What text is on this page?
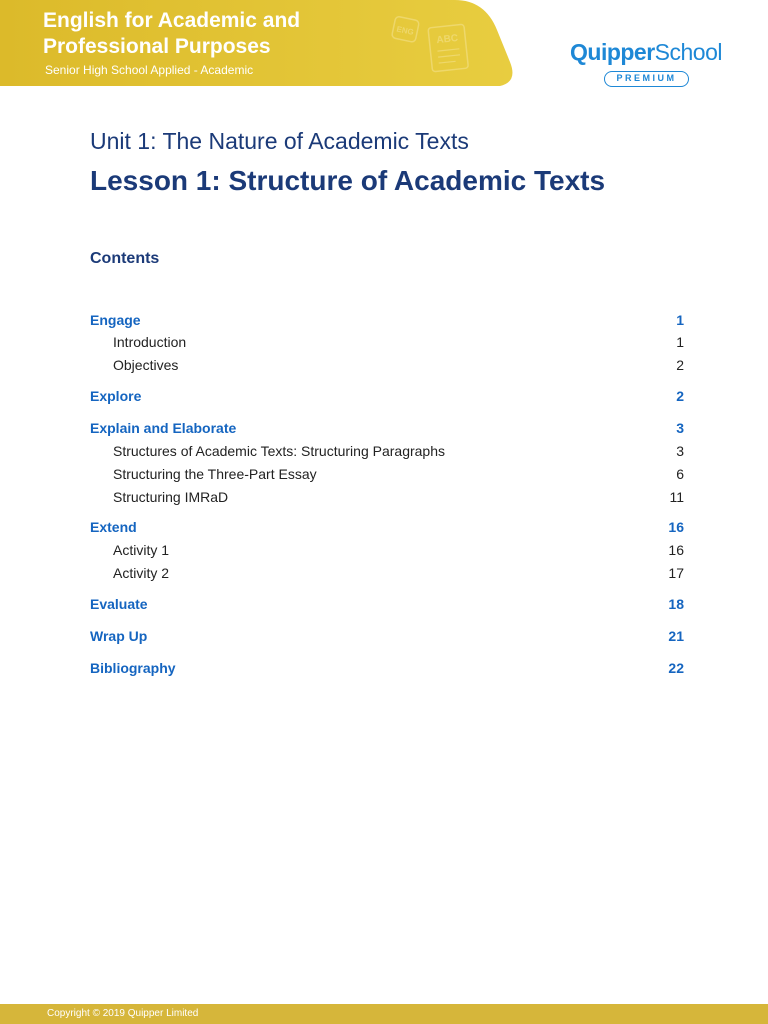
ENG
ABC
English for Academic and Professional Purposes
Senior High School Applied - Academic
QuipperSchool
PREMIUM
Unit 1: The Nature of Academic Texts
Lesson 1: Structure of Academic Texts
Contents
Engage	1
Introduction	1
Objectives	2
Explore	2
Explain and Elaborate	3
Structures of Academic Texts: Structuring Paragraphs	3
Structuring the Three-Part Essay	6
Structuring IMRaD	11
Extend	16
Activity 1	16
Activity 2	17
Evaluate	18
Wrap Up	21
Bibliography	22
Copyright © 2019 Quipper Limited
